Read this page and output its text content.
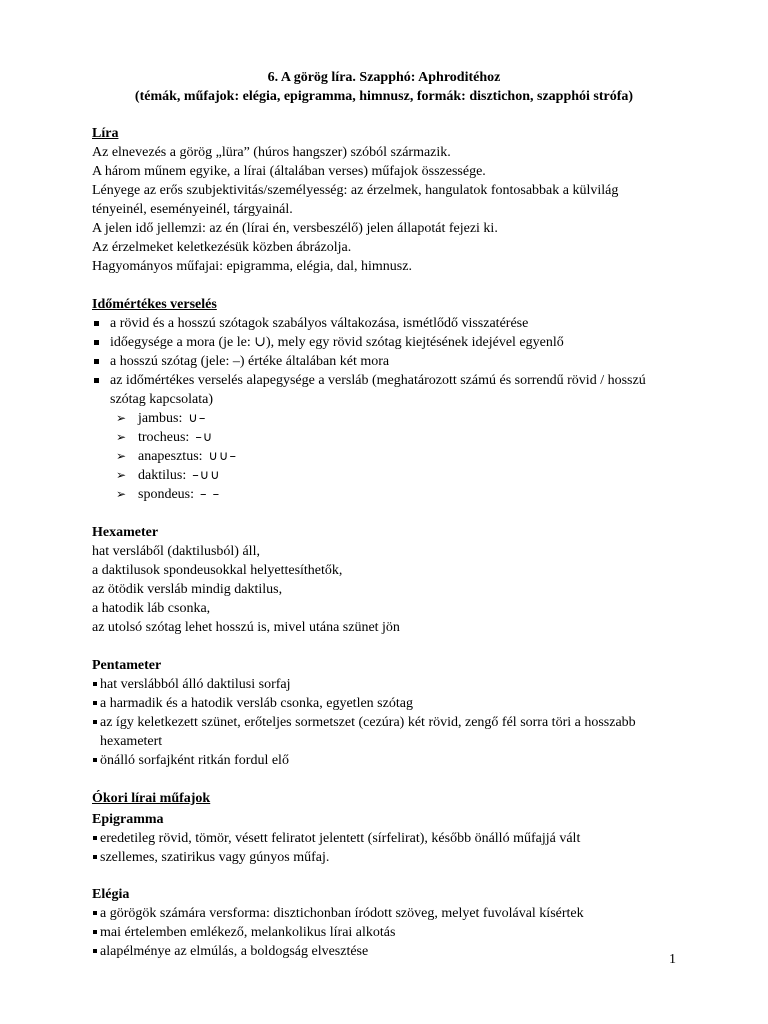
6. A görög líra. Szapphó: Aphroditéhoz
(témák, műfajok: elégia, epigramma, himnusz, formák: disztichon, szapphói strófa)

Líra

Az elnevezés a görög „lüra” (húros hangszer) szóból származik.

A három műnem egyike, a lírai (általában verses) műfajok összessége.

Lényege az erős szubjektivitás/személyesség: az érzelmek, hangulatok fontosabbak a külvilág tényeinél, eseményeinél, tárgyainál.

A jelen idő jellemzi: az én (lírai én, versbeszélő) jelen állapotát fejezi ki.

Az érzelmeket keletkezésük közben ábrázolja.

Hagyományos műfajai: epigramma, elégia, dal, himnusz.

Időmértékes verselés

a rövid és a hosszú szótagok szabályos váltakozása, ismétlődő visszatérése
időegysége a mora (je le: ∪), mely egy rövid szótag kiejtésének idejével egyenlő
a hosszú szótag (jele: –) értéke általában két mora
az időmértékes verselés alapegysége a versláb (meghatározott számú és sorrendű rövid / hosszú szótag kapcsolata)
➢ jambus: ∪–
➢ trocheus: –∪
➢ anapesztus: ∪∪–
➢ daktilus: –∪∪
➢ spondeus: – –

Hexameter

hat versláből (daktilusból) áll,

a daktilusok spondeusokkal helyettesíthetők,

az ötödik versláb mindig daktilus,

a hatodik láb csonka,

az utolsó szótag lehet hosszú is, mivel utána szünet jön

Pentameter

hat verslábból álló daktilusi sorfaj
a harmadik és a hatodik versláb csonka, egyetlen szótag
az így keletkezett szünet, erőteljes sormetszet (cezúra) két rövid, zengő fél sorra töri a hosszabb hexametert
önálló sorfajként ritkán fordul elő

Ókori lírai műfajok

Epigramma

eredetileg rövid, tömör, vésett feliratot jelentett (sírfelirat), később önálló műfajjá vált
szellemes, szatirikus vagy gúnyos műfaj.

Elégia

a görögök számára versforma: disztichonban íródott szöveg, melyet fuvolával kísértek
mai értelemben emlékező, melankolikus lírai alkotás
alapélménye az elmúlás, a boldogság elvesztése
1
